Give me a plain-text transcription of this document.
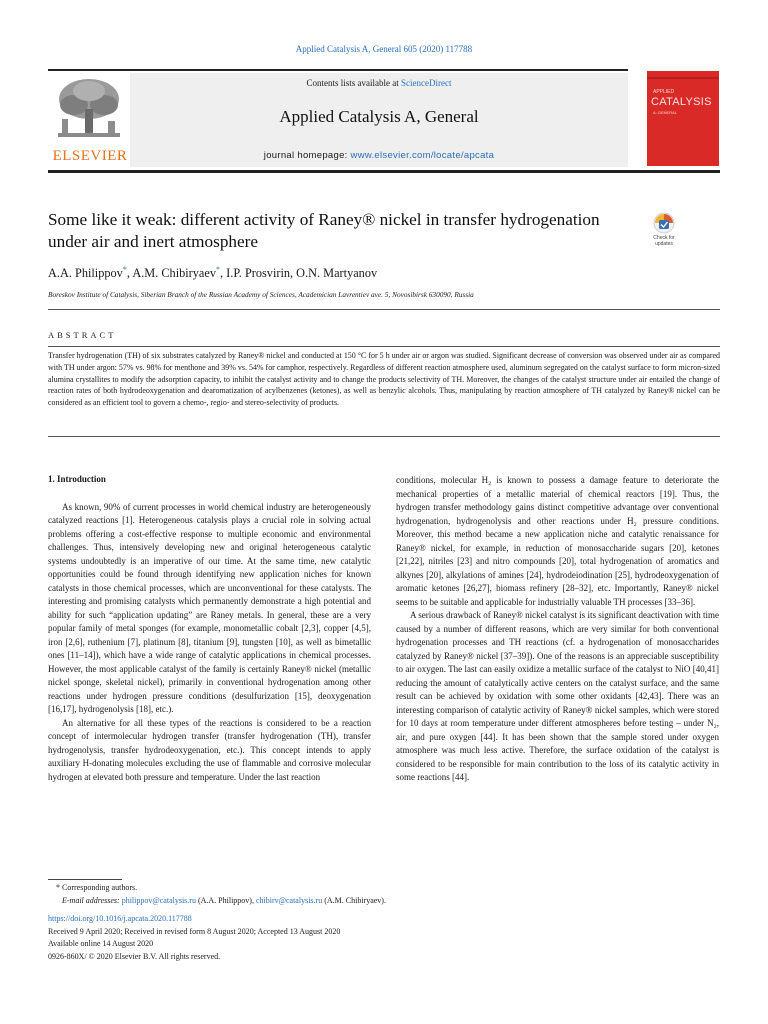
Applied Catalysis A, General 605 (2020) 117788
ELSEVIER
Contents lists available at ScienceDirect
Applied Catalysis A, General
journal homepage: www.elsevier.com/locate/apcata
APPLIED
CATALYSIS
A: GENERAL
Some like it weak: different activity of Raney® nickel in transfer hydrogenation under air and inert atmosphere	Check for
updates
A.A. Philippov*, A.M. Chibiryaev*, I.P. Prosvirin, O.N. Martyanov
Boreskov Institute of Catalysis, Siberian Branch of the Russian Academy of Sciences, Academician Lavrentiev ave. 5, Novosibirsk 630090, Russia
ABSTRACT
Transfer hydrogenation (TH) of six substrates catalyzed by Raney® nickel and conducted at 150 °C for 5 h under air or argon was studied. Significant decrease of conversion was observed under air as compared with TH under argon: 57% vs. 98% for menthone and 39% vs. 54% for camphor, respectively. Regardless of different reaction atmosphere used, aluminum segregated on the catalyst surface to form micron-sized alumina crystallites to modify the adsorption capacity, to inhibit the catalyst activity and to change the products selectivity of TH. Moreover, the changes of the catalyst structure under air entailed the change of reaction rates of both hydrodeoxygenation and dearomatization of acylbenzenes (ketones), as well as benzylic alcohols. Thus, manipulating by reaction atmosphere of TH catalyzed by Raney® nickel can be considered as an efficient tool to govern a chemo-, regio- and stereo-selectivity of products.
1. Introduction

As known, 90% of current processes in world chemical industry are heterogeneously catalyzed reactions [1]. Heterogeneous catalysis plays a crucial role in solving actual problems offering a cost-effective response to multiple economic and environmental challenges. Thus, intensively developing new and original heterogeneous catalytic systems undoubtedly is an imperative of our time. At the same time, new catalytic opportunities could be found through identifying new application niches for known catalysts in those chemical processes, which are unconventional for these catalysts. The interesting and promising catalysts which permanently demonstrate a high potential and ability for such “application updating” are Raney metals. In general, these are a very popular family of metal sponges (for example, monometallic cobalt [2,3], copper [4,5], iron [2,6], ruthenium [7], platinum [8], titanium [9], tungsten [10], as well as bimetallic ones [11–14]), which have a wide range of catalytic applications in chemical processes. However, the most applicable catalyst of the family is certainly Raney® nickel (metallic nickel sponge, skeletal nickel), primarily in conventional hydrogenation among other reactions under hydrogen pressure conditions (desulfurization [15], deoxygenation [16,17], hydrogenolysis [18], etc.).

An alternative for all these types of the reactions is considered to be a reaction concept of intermolecular hydrogen transfer (transfer hydrogenation (TH), transfer hydrogenolysis, transfer hydrodeoxygenation, etc.). This concept intends to apply auxiliary H-donating molecules excluding the use of flammable and corrosive molecular hydrogen at elevated both pressure and temperature. Under the last reaction

conditions, molecular H₂ is known to possess a damage feature to deteriorate the mechanical properties of a metallic material of chemical reactors [19]. Thus, the hydrogen transfer methodology gains distinct competitive advantage over conventional hydrogenation, hydrogenolysis and other reactions under H₂ pressure conditions. Moreover, this method became a new application niche and catalytic renaissance for Raney® nickel, for example, in reduction of monosaccharide sugars [20], ketones [21,22], nitriles [23] and nitro compounds [20], total hydrogenation of aromatics and alkynes [20], alkylations of amines [24], hydrodeiodination [25], hydrodeoxygenation of aromatic ketones [26,27], biomass refinery [28–32], etc. Importantly, Raney® nickel seems to be suitable and applicable for industrially valuable TH processes [33–36].

A serious drawback of Raney® nickel catalyst is its significant deactivation with time caused by a number of different reasons, which are very similar for both conventional hydrogenation processes and TH reactions (cf. a hydrogenation of monosaccharides catalyzed by Raney® nickel [37–39]). One of the reasons is an appreciable susceptibility to air oxygen. The last can easily oxidize a metallic surface of the catalyst to NiO [40,41] reducing the amount of catalytically active centers on the catalyst surface, and the same result can be achieved by oxidation with some other oxidants [42,43]. There was an interesting comparison of catalytic activity of Raney® nickel samples, which were stored for 10 days at room temperature under different atmospheres before testing – under N₂, air, and pure oxygen [44]. It has been shown that the sample stored under oxygen atmosphere was much less active. Therefore, the surface oxidation of the catalyst is considered to be responsible for main contribution to the loss of its catalytic activity in some reactions [44].

* Corresponding authors.
E-mail addresses: philippov@catalysis.ru (A.A. Philippov), chibirv@catalysis.ru (A.M. Chibiryaev).
https://doi.org/10.1016/j.apcata.2020.117788
Received 9 April 2020; Received in revised form 8 August 2020; Accepted 13 August 2020
Available online 14 August 2020
0926-860X/ © 2020 Elsevier B.V. All rights reserved.
